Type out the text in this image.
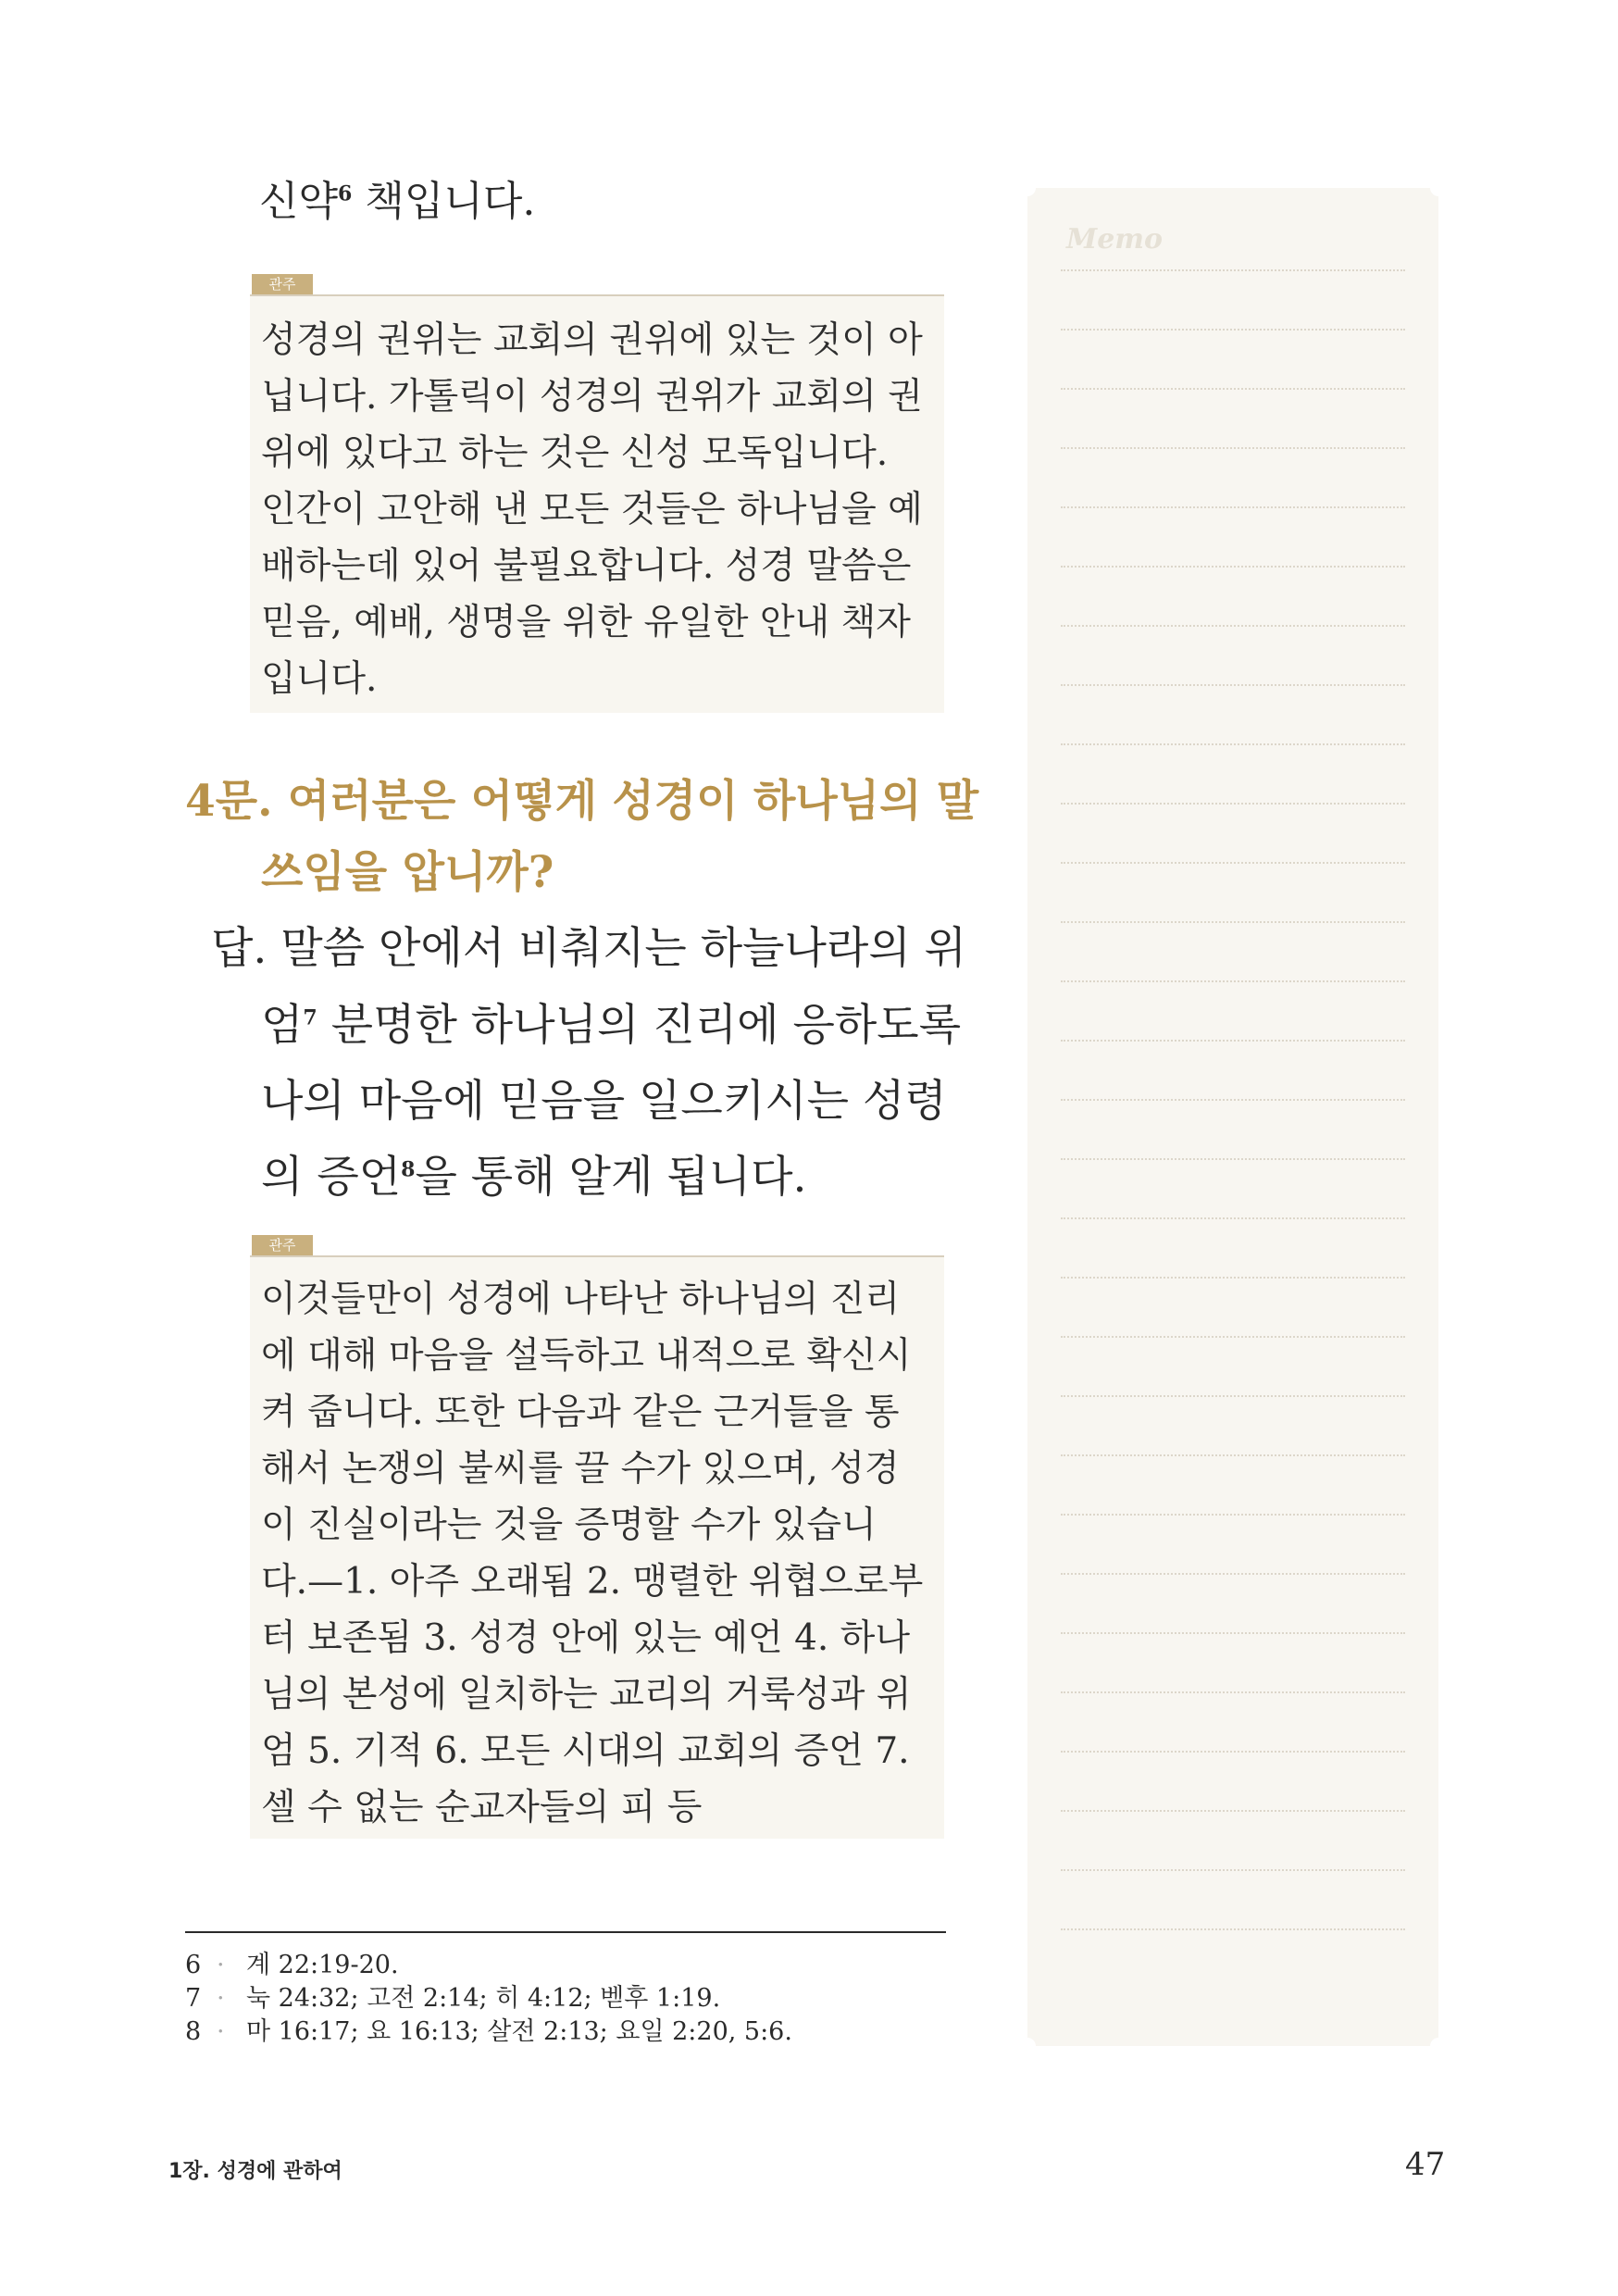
신약$^6$ 책입니다.
관주
성경의 권위는 교회의 권위에 있는 것이 아
닙니다. 가톨릭이 성경의 권위가 교회의 권
위에 있다고 하는 것은 신성 모독입니다.
인간이 고안해 낸 모든 것들은 하나님을 예
배하는데 있어 불필요합니다. 성경 말씀은
믿음, 예배, 생명을 위한 유일한 안내 책자
입니다.
4문. 여러분은 어떻게 성경이 하나님의 말
쓰임을 압니까?
답. 말씀 안에서 비춰지는 하늘나라의 위
엄$^7$ 분명한 하나님의 진리에 응하도록
나의 마음에 믿음을 일으키시는 성령
의 증언$^8$을 통해 알게 됩니다.
관주
이것들만이 성경에 나타난 하나님의 진리
에 대해 마음을 설득하고 내적으로 확신시
켜 줍니다. 또한 다음과 같은 근거들을 통
해서 논쟁의 불씨를 끌 수가 있으며, 성경
이 진실이라는 것을 증명할 수가 있습니
다.—1. 아주 오래됨 2. 맹렬한 위협으로부
터 보존됨 3. 성경 안에 있는 예언 4. 하나
님의 본성에 일치하는 교리의 거룩성과 위
엄 5. 기적 6. 모든 시대의 교회의 증언 7.
셀 수 없는 순교자들의 피 등
6 · 계 22:19-20.
7 · 눅 24:32; 고전 2:14; 히 4:12; 벧후 1:19.
8 · 마 16:17; 요 16:13; 살전 2:13; 요일 2:20, 5:6.
1장. 성경에 관하여	47
Memo
